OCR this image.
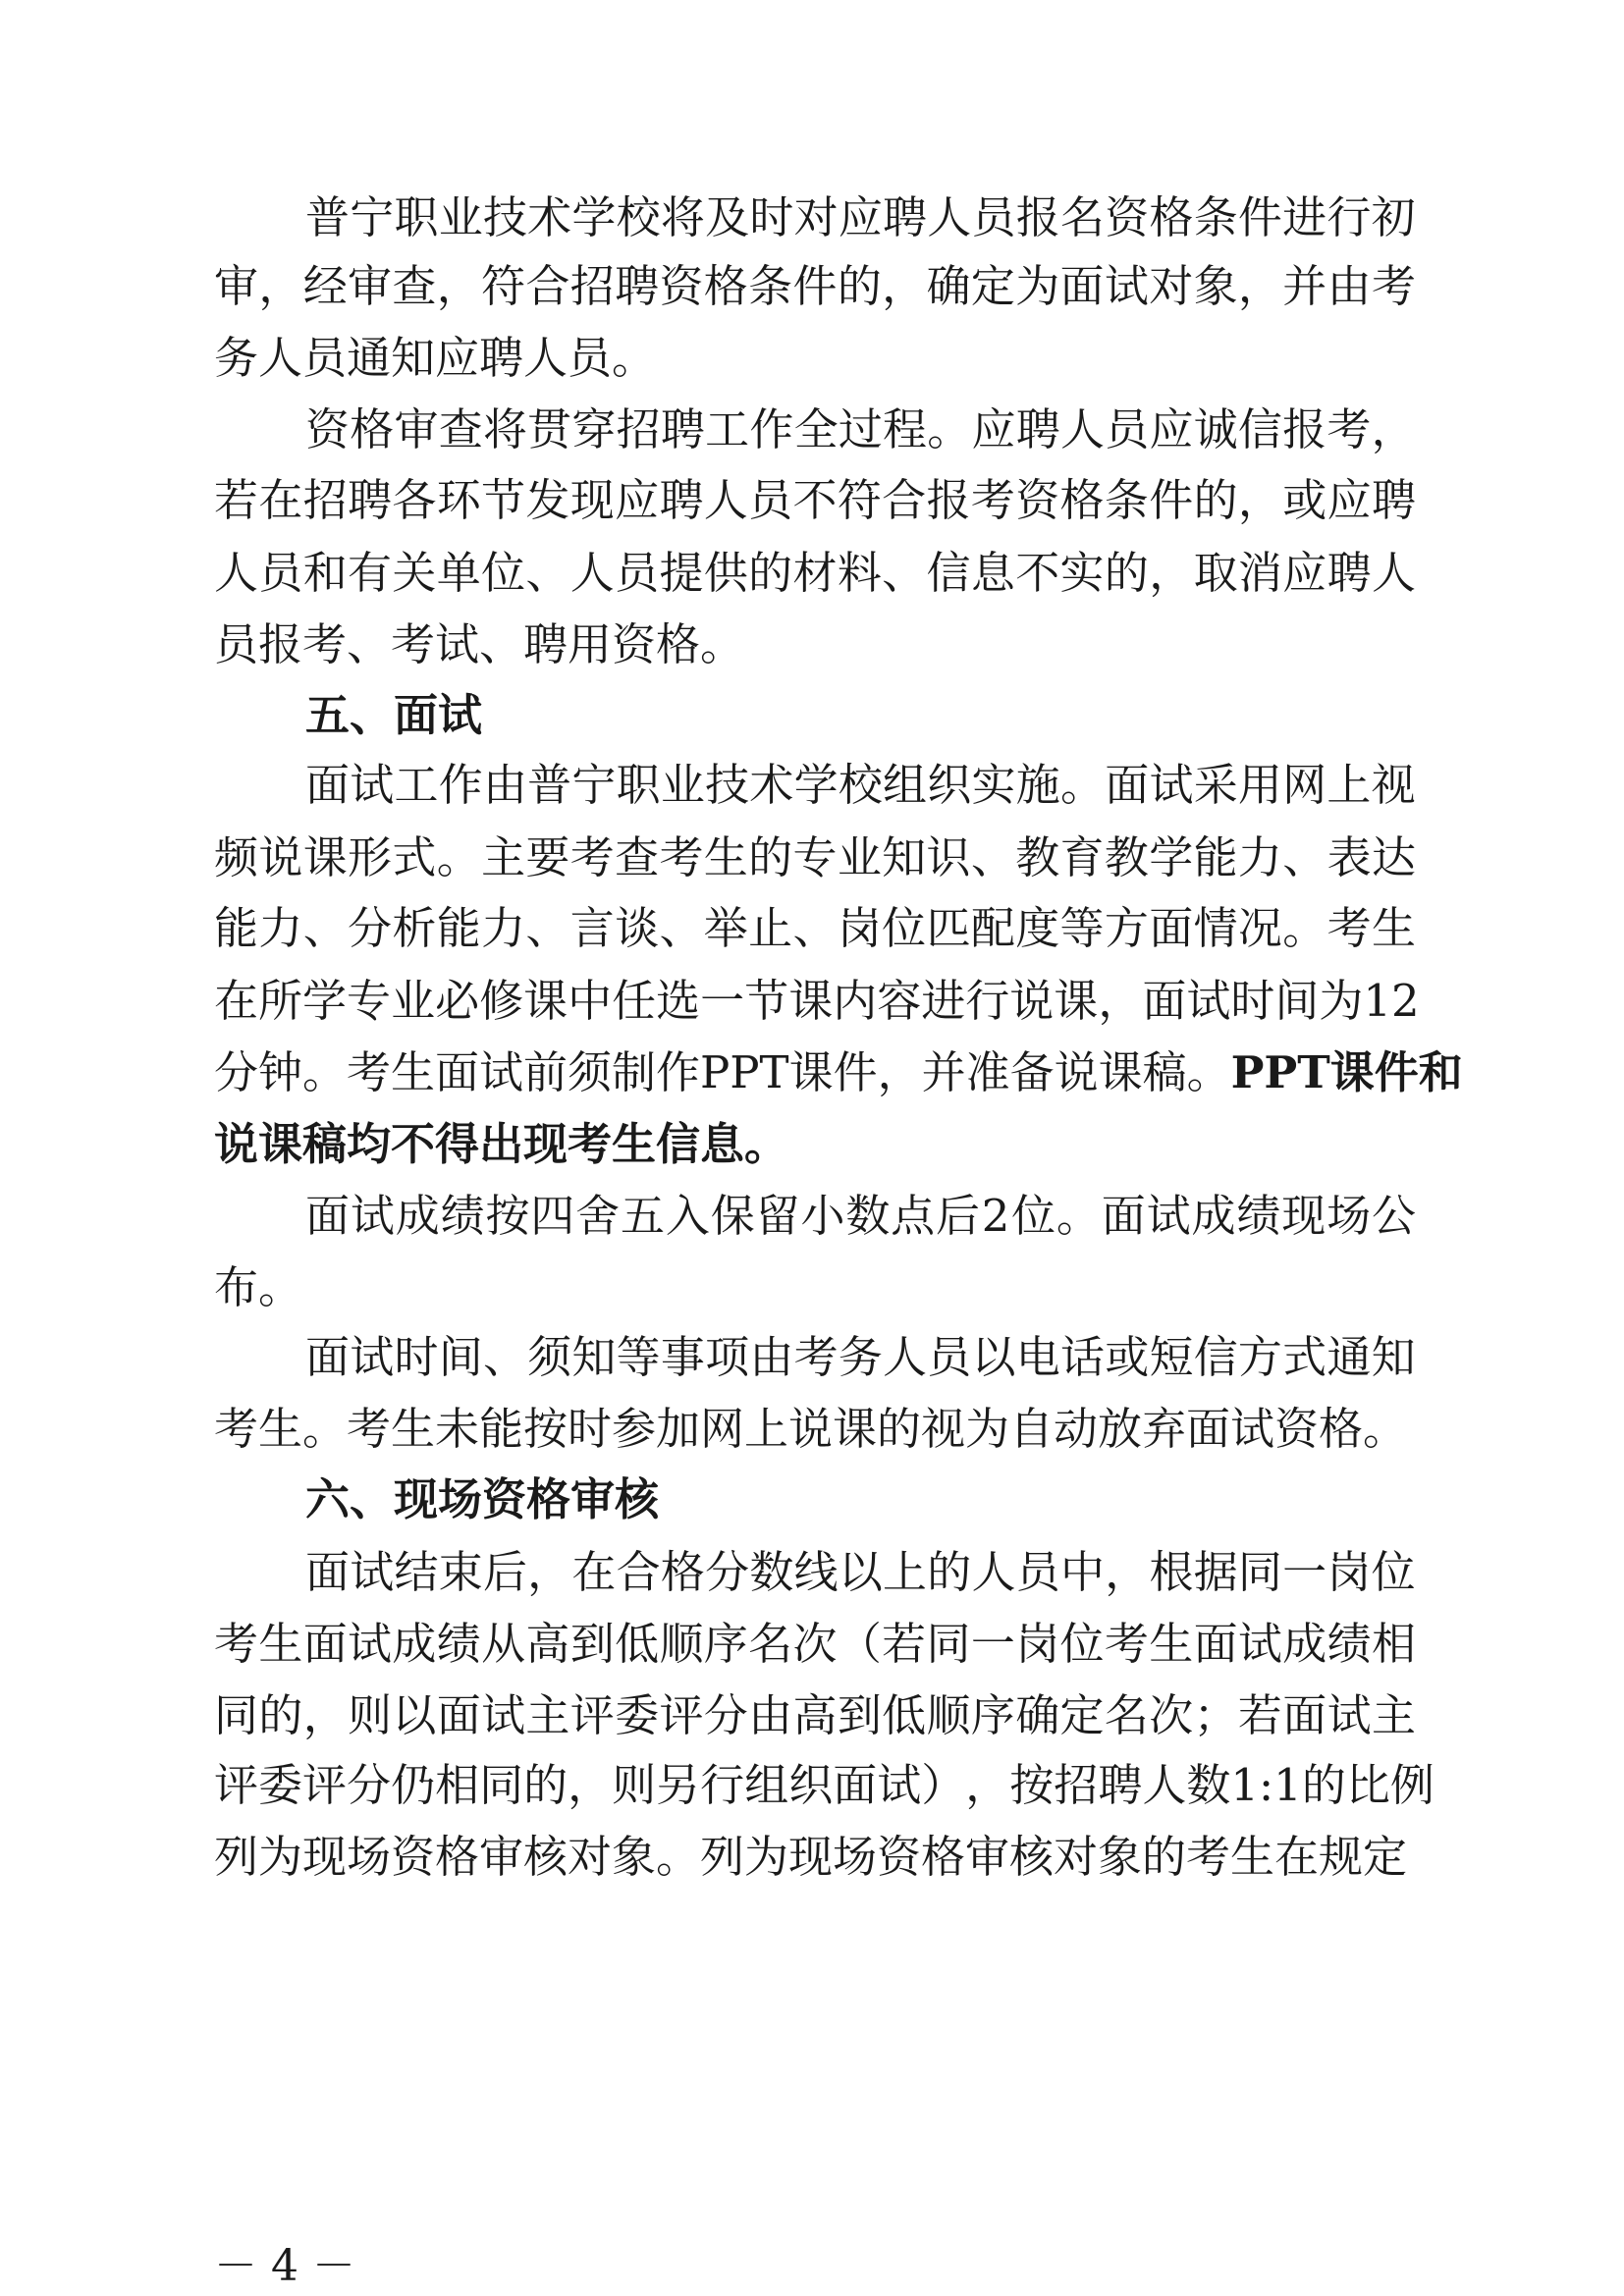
普 宁 职 业 技 术 学 校 将 及 时 对 应 聘 人 员 报 名 资 格 条 件 进 行 初
审 ， 经 审 查 ， 符 合 招 聘 资 格 条 件 的 ， 确 定 为 面 试 对 象 ， 并 由 考
务人员通知应聘人员。
资 格 审 查 将 贯 穿 招 聘 工 作 全 过 程 。 应 聘 人 员 应 诚 信 报 考 ，
若 在 招 聘 各 环 节 发 现 应 聘 人 员 不 符 合 报 考 资 格 条 件 的 ， 或 应 聘
人 员 和 有 关 单 位 、 人 员 提 供 的 材 料 、 信 息 不 实 的 ， 取 消 应 聘 人
员报考、考试、聘用资格。
五、面试
面 试 工 作 由 普 宁 职 业 技 术 学 校 组 织 实 施 。 面 试 采 用 网 上 视
频 说 课 形 式 。 主 要 考 查 考 生 的 专 业 知 识 、 教 育 教 学 能 力 、 表 达
能 力 、 分 析 能 力 、 言 谈 、 举 止 、 岗 位 匹 配 度 等 方 面 情 况 。 考 生
在 所 学 专 业 必 修 课 中 任 选 一 节 课 内 容 进 行 说 课 ， 面 试 时 间 为 1 2
分钟。考生面试前须制作PPT课件，并准备说课稿。 PPT课件和
说课稿均不得出现考生信息。
面 试 成 绩 按 四 舍 五 入 保 留 小 数 点 后 2 位 。 面 试 成 绩 现 场 公
布。
面 试 时 间 、 须 知 等 事 项 由 考 务 人 员 以 电 话 或 短 信 方 式 通 知
考生。考生未能按时参加网上说课的视为自动放弃面试资格。
六、现场资格审核
面 试 结 束 后 ， 在 合 格 分 数 线 以 上 的 人 员 中 ， 根 据 同 一 岗 位
考 生 面 试 成 绩 从 高 到 低 顺 序 名 次 （ 若 同 一 岗 位 考 生 面 试 成 绩 相
同 的 ， 则 以 面 试 主 评 委 评 分 由 高 到 低 顺 序 确 定 名 次 ； 若 面 试 主
评 委 评 分 仍 相 同 的 ， 则 另 行 组 织 面 试 ） ， 按 招 聘 人 数 1 : 1 的 比 例
列为现场资格审核对象。列为现场资格审核对象的考生在规定
－ 4 －
